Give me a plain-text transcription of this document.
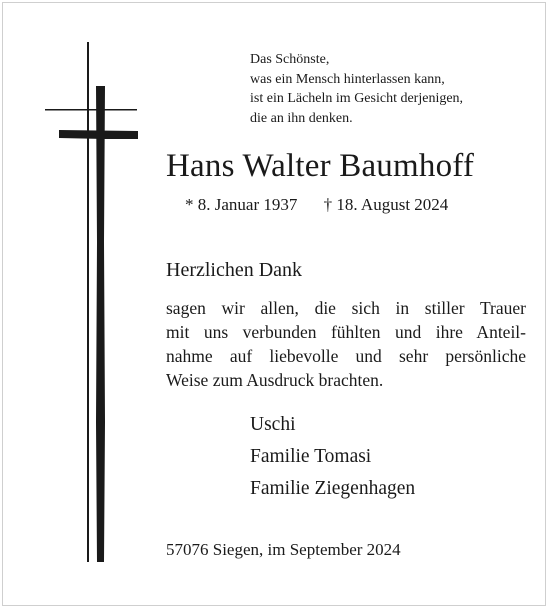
Das Schönste,
was ein Mensch hinterlassen kann,
ist ein Lächeln im Gesicht derjenigen,
die an ihn denken.
Hans Walter Baumhoff
* 8. Januar 1937 † 18. August 2024
Herzlichen Dank
sagen wir allen, die sich in stiller Trauer
mit uns verbunden fühlten und ihre Anteil-
nahme auf liebevolle und sehr persönliche
Weise zum Ausdruck brachten.
Uschi
Familie Tomasi
Familie Ziegenhagen
57076 Siegen, im September 2024
